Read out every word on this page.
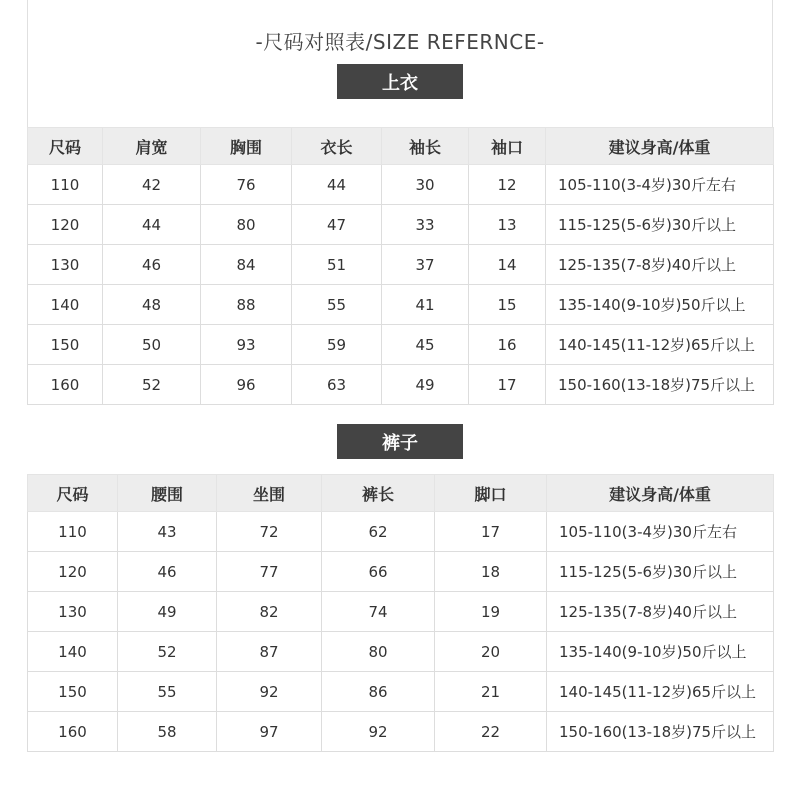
-尺码对照表/SIZE REFERNCE-
上衣
尺码	肩宽	胸围	衣长	袖长	袖口	建议身高/体重
110	42	76	44	30	12	105-110(3-4岁)30斤左右
120	44	80	47	33	13	115-125(5-6岁)30斤以上
130	46	84	51	37	14	125-135(7-8岁)40斤以上
140	48	88	55	41	15	135-140(9-10岁)50斤以上
150	50	93	59	45	16	140-145(11-12岁)65斤以上
160	52	96	63	49	17	150-160(13-18岁)75斤以上
裤子
尺码	腰围	坐围	裤长	脚口	建议身高/体重
110	43	72	62	17	105-110(3-4岁)30斤左右
120	46	77	66	18	115-125(5-6岁)30斤以上
130	49	82	74	19	125-135(7-8岁)40斤以上
140	52	87	80	20	135-140(9-10岁)50斤以上
150	55	92	86	21	140-145(11-12岁)65斤以上
160	58	97	92	22	150-160(13-18岁)75斤以上
